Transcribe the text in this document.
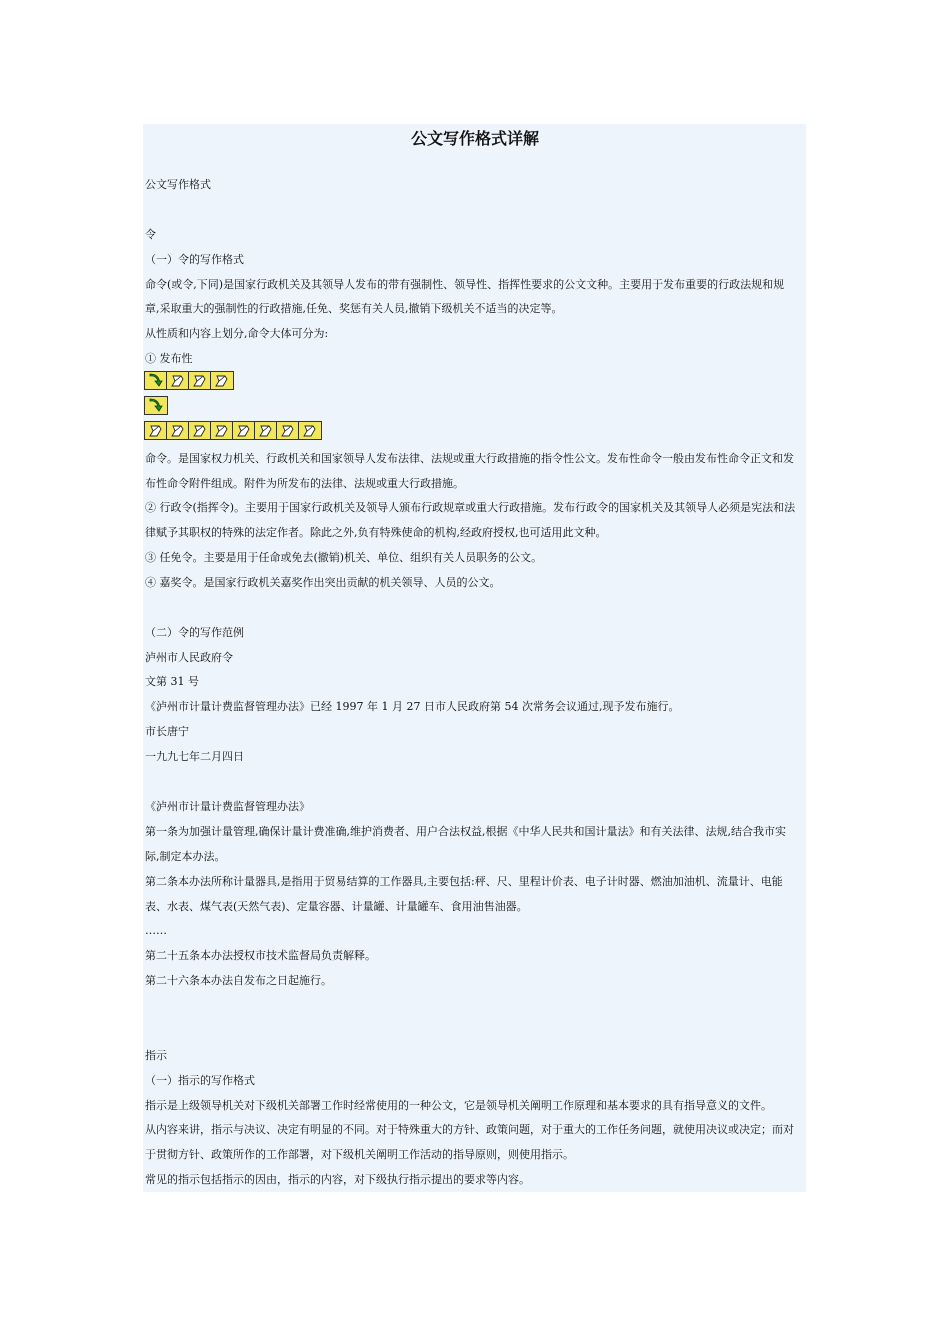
公文写作格式详解
公文写作格式
令
（一）令的写作格式
命令(或令,下同)是国家行政机关及其领导人发布的带有强制性、领导性、指挥性要求的公文文种。主要用于发布重要的行政法规和规
章,采取重大的强制性的行政措施,任免、奖惩有关人员,撤销下级机关不适当的决定等。
从性质和内容上划分,命令大体可分为:
① 发布性
命令。是国家权力机关、行政机关和国家领导人发布法律、法规或重大行政措施的指令性公文。发布性命令一般由发布性命令正文和发
布性命令附件组成。附件为所发布的法律、法规或重大行政措施。
② 行政令(指挥令)。主要用于国家行政机关及领导人颁布行政规章或重大行政措施。发布行政令的国家机关及其领导人必须是宪法和法
律赋予其职权的特殊的法定作者。除此之外,负有特殊使命的机构,经政府授权,也可适用此文种。
③ 任免令。主要是用于任命或免去(撤销)机关、单位、组织有关人员职务的公文。
④ 嘉奖令。是国家行政机关嘉奖作出突出贡献的机关领导、人员的公文。
（二）令的写作范例
泸州市人民政府令
文第 31 号
《泸州市计量计费监督管理办法》已经 1997 年 1 月 27 日市人民政府第 54 次常务会议通过,现予发布施行。
市长唐宁
一九九七年二月四日
《泸州市计量计费监督管理办法》
第一条为加强计量管理,确保计量计费准确,维护消费者、用户合法权益,根据《中华人民共和国计量法》和有关法律、法规,结合我市实
际,制定本办法。
第二条本办法所称计量器具,是指用于贸易结算的工作器具,主要包括:秤、尺、里程计价表、电子计时器、燃油加油机、流量计、电能
表、水表、煤气表(天然气表)、定量容器、计量罐、计量罐车、食用油售油器。
……
第二十五条本办法授权市技术监督局负责解释。
第二十六条本办法自发布之日起施行。
指示
（一）指示的写作格式
指示是上级领导机关对下级机关部署工作时经常使用的一种公文，它是领导机关阐明工作原理和基本要求的具有指导意义的文件。
从内容来讲，指示与决议、决定有明显的不同。对于特殊重大的方针、政策问题，对于重大的工作任务问题，就使用决议或决定；而对
于贯彻方针、政策所作的工作部署，对下级机关阐明工作活动的指导原则，则使用指示。
常见的指示包括指示的因由，指示的内容，对下级执行指示提出的要求等内容。
